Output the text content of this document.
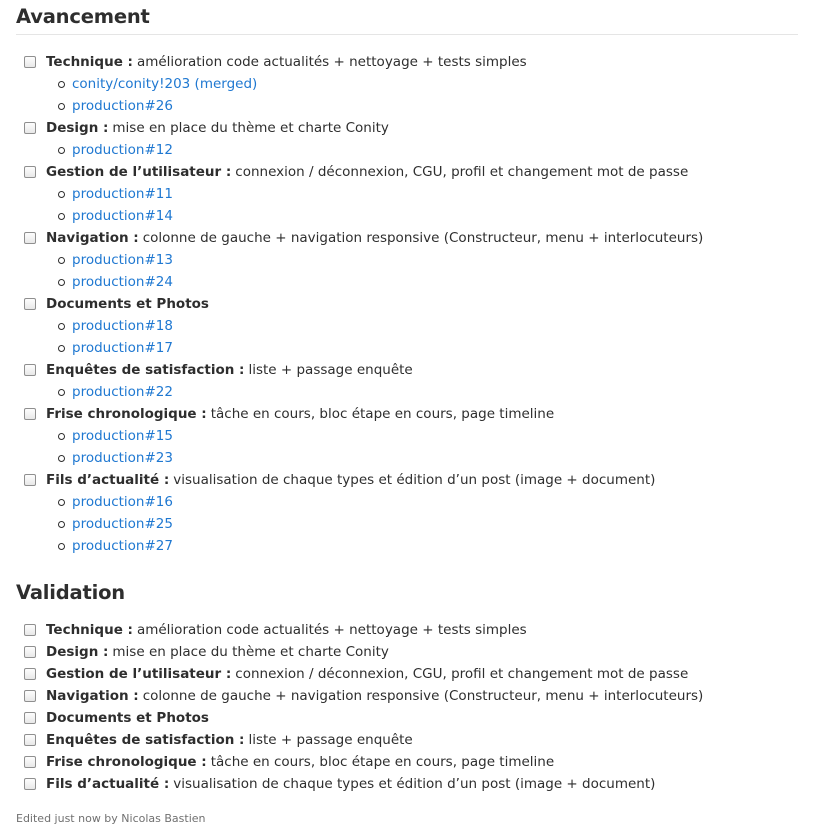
Avancement
Technique : amélioration code actualités + nettoyage + tests simples
conity/conity!203 (merged)
production#26
Design : mise en place du thème et charte Conity
production#12
Gestion de l’utilisateur : connexion / déconnexion, CGU, profil et changement mot de passe
production#11
production#14
Navigation : colonne de gauche + navigation responsive (Constructeur, menu + interlocuteurs)
production#13
production#24
Documents et Photos
production#18
production#17
Enquêtes de satisfaction : liste + passage enquête
production#22
Frise chronologique : tâche en cours, bloc étape en cours, page timeline
production#15
production#23
Fils d’actualité : visualisation de chaque types et édition d’un post (image + document)
production#16
production#25
production#27
Validation
Technique : amélioration code actualités + nettoyage + tests simples
Design : mise en place du thème et charte Conity
Gestion de l’utilisateur : connexion / déconnexion, CGU, profil et changement mot de passe
Navigation : colonne de gauche + navigation responsive (Constructeur, menu + interlocuteurs)
Documents et Photos
Enquêtes de satisfaction : liste + passage enquête
Frise chronologique : tâche en cours, bloc étape en cours, page timeline
Fils d’actualité : visualisation de chaque types et édition d’un post (image + document)
Edited just now by Nicolas Bastien
